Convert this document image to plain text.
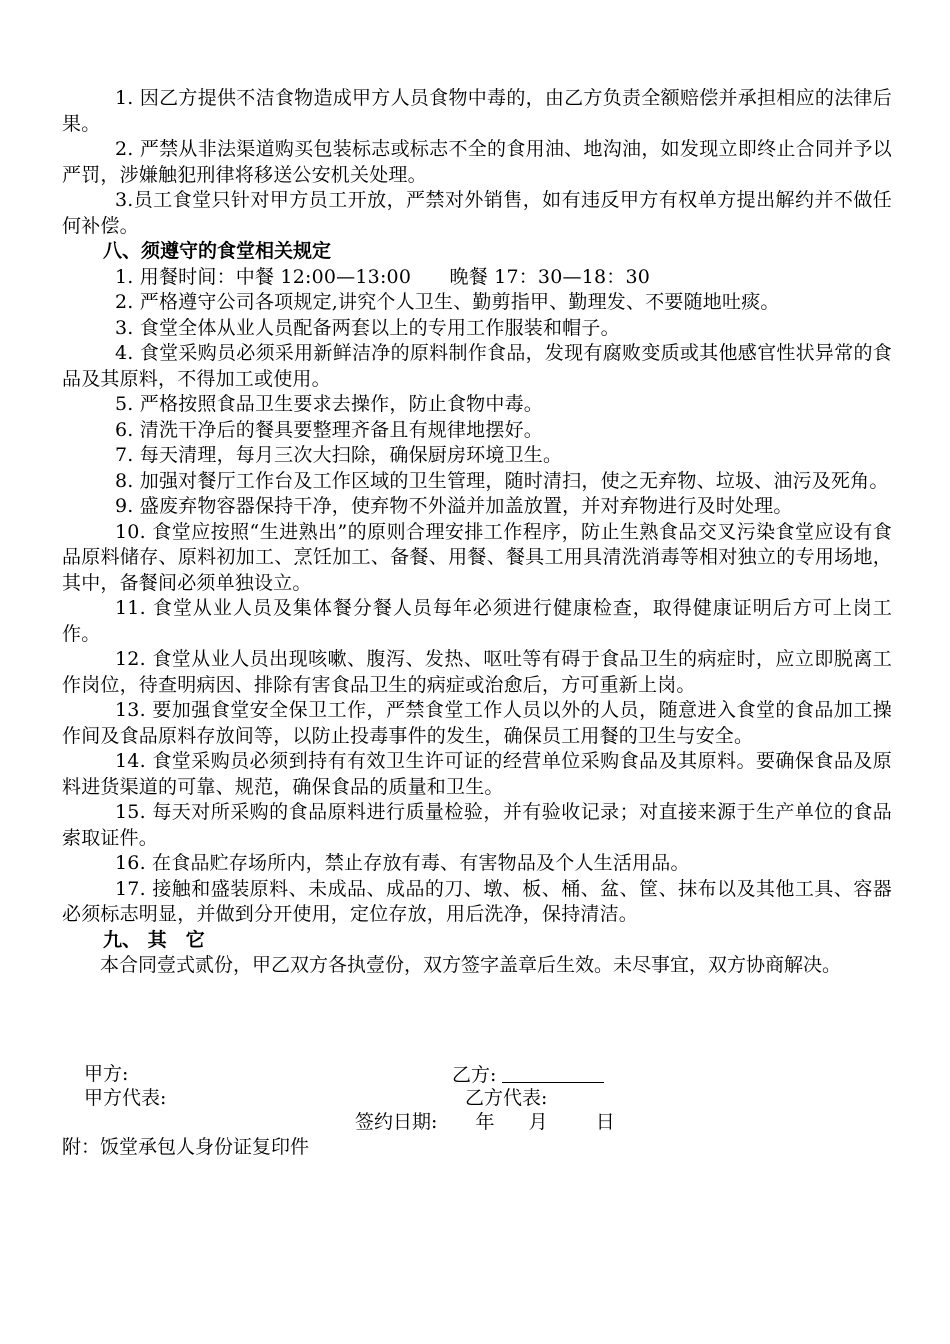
1. 因乙方提供不洁食物造成甲方人员食物中毒的，由乙方负责全额赔偿并承担相应的法律后果。

2. 严禁从非法渠道购买包装标志或标志不全的食用油、地沟油，如发现立即终止合同并予以严罚，涉嫌触犯刑律将移送公安机关处理。

3.员工食堂只针对甲方员工开放，严禁对外销售，如有违反甲方有权单方提出解约并不做任何补偿。

八、须遵守的食堂相关规定

1. 用餐时间：中餐 12:00—13:00　　晚餐 17：30—18：30

2. 严格遵守公司各项规定,讲究个人卫生、勤剪指甲、勤理发、不要随地吐痰。

3. 食堂全体从业人员配备两套以上的专用工作服装和帽子。

4. 食堂采购员必须采用新鲜洁净的原料制作食品，发现有腐败变质或其他感官性状异常的食品及其原料，不得加工或使用。

5. 严格按照食品卫生要求去操作，防止食物中毒。

6. 清洗干净后的餐具要整理齐备且有规律地摆好。

7. 每天清理，每月三次大扫除，确保厨房环境卫生。

8. 加强对餐厅工作台及工作区域的卫生管理，随时清扫，使之无弃物、垃圾、油污及死角。

9. 盛废弃物容器保持干净，使弃物不外溢并加盖放置，并对弃物进行及时处理。

10. 食堂应按照“生进熟出”的原则合理安排工作程序，防止生熟食品交叉污染食堂应设有食品原料储存、原料初加工、烹饪加工、备餐、用餐、餐具工用具清洗消毒等相对独立的专用场地，其中，备餐间必须单独设立。

11. 食堂从业人员及集体餐分餐人员每年必须进行健康检查，取得健康证明后方可上岗工作。

12. 食堂从业人员出现咳嗽、腹泻、发热、呕吐等有碍于食品卫生的病症时，应立即脱离工作岗位，待查明病因、排除有害食品卫生的病症或治愈后，方可重新上岗。

13. 要加强食堂安全保卫工作，严禁食堂工作人员以外的人员，随意进入食堂的食品加工操作间及食品原料存放间等，以防止投毒事件的发生，确保员工用餐的卫生与安全。

14. 食堂采购员必须到持有有效卫生许可证的经营单位采购食品及其原料。要确保食品及原料进货渠道的可靠、规范，确保食品的质量和卫生。

15. 每天对所采购的食品原料进行质量检验，并有验收记录；对直接来源于生产单位的食品索取证件。

16. 在食品贮存场所内，禁止存放有毒、有害物品及个人生活用品。

17. 接触和盛装原料、未成品、成品的刀、墩、板、桶、盆、筐、抹布以及其他工具、容器必须标志明显，并做到分开使用，定位存放，用后洗净，保持清洁。

九、 其　它

本合同壹式贰份，甲乙双方各执壹份，双方签字盖章后生效。未尽事宜，双方协商解决。

甲方:	乙方:
甲方代表:	乙方代表:
签约日期: 年 月	日
附：饭堂承包人身份证复印件
